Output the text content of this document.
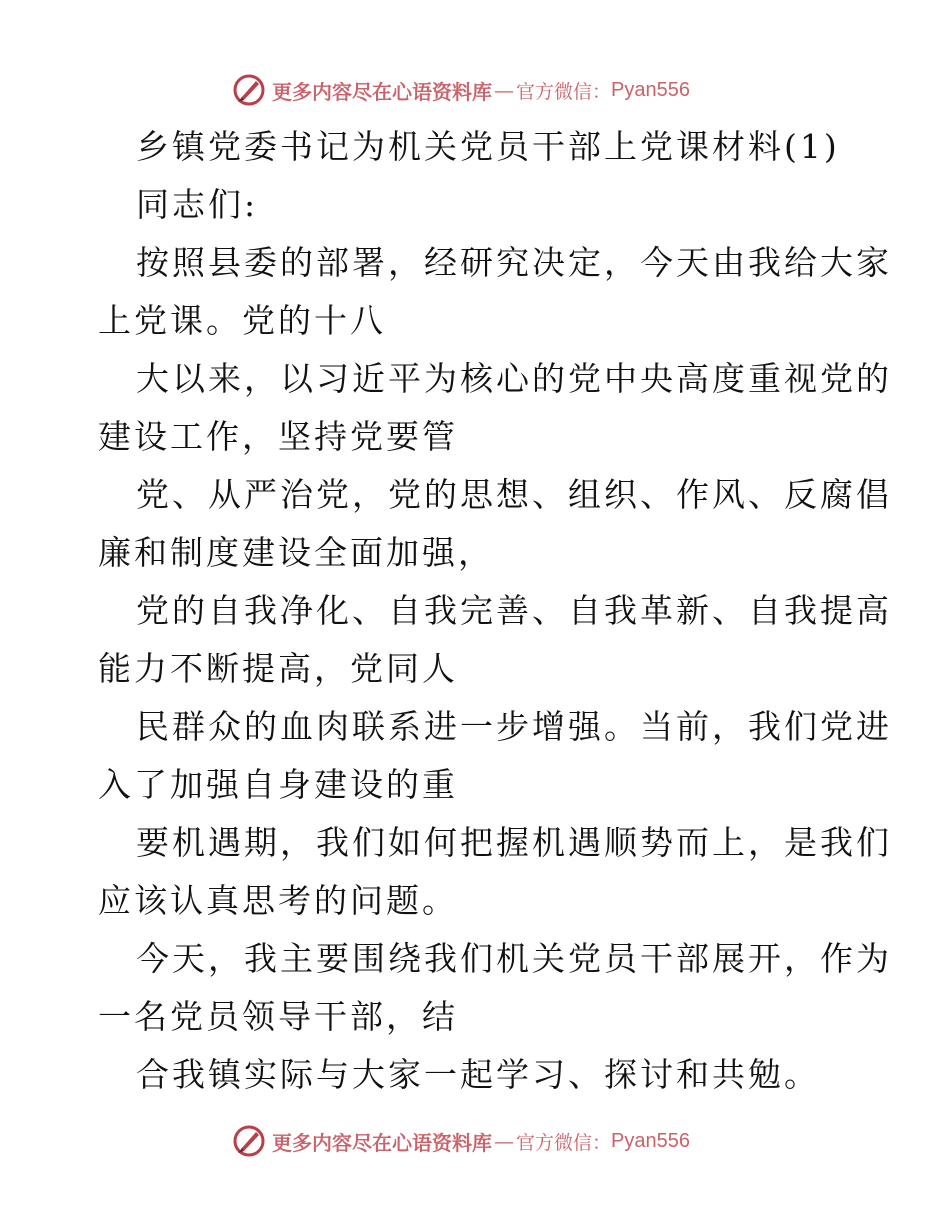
更多内容尽在心语资料库 — 官方微信： Pyan556
乡镇党委书记为机关党员干部上党课材料(1)
同志们:
按照县委的部署，经研究决定，今天由我给大家
上党课。党的十八
大以来，以习近平为核心的党中央高度重视党的
建设工作，坚持党要管
党、从严治党，党的思想、组织、作风、反腐倡
廉和制度建设全面加强，
党的自我净化、自我完善、自我革新、自我提高
能力不断提高，党同人
民群众的血肉联系进一步增强。当前，我们党进
入了加强自身建设的重
要机遇期，我们如何把握机遇顺势而上，是我们
应该认真思考的问题。
今天，我主要围绕我们机关党员干部展开，作为
一名党员领导干部，结
合我镇实际与大家一起学习、探讨和共勉。
更多内容尽在心语资料库 — 官方微信： Pyan556
